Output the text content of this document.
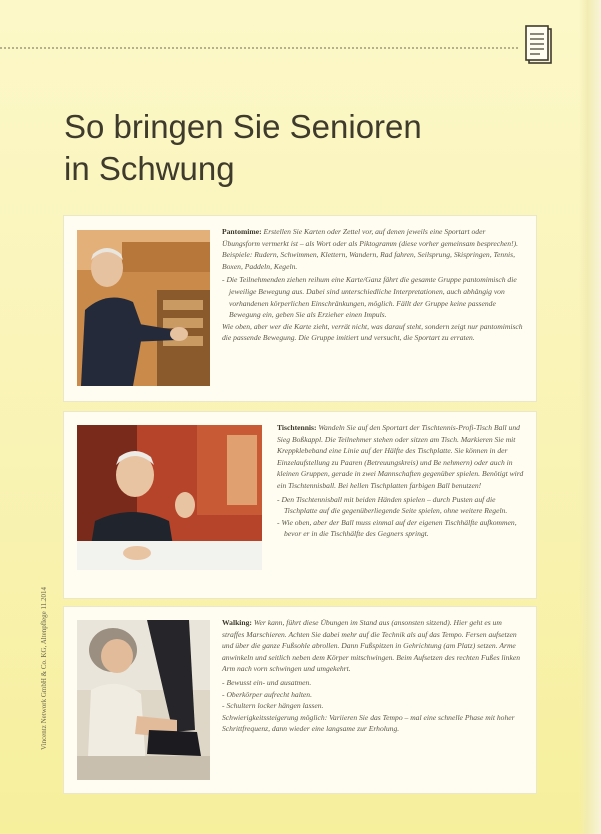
So bringen Sie Senioren
in Schwung

Pantomime: Erstellen Sie Karten oder Zettel vor, auf denen jeweils eine Sportart oder Übungsform vermerkt ist – als Wort oder als Piktogramm (diese vorher gemeinsam besprechen!). Beispiele: Rudern, Schwimmen, Klettern, Wandern, Rad fahren, Seilsprung, Skispringen, Tennis, Boxen, Paddeln, Kegeln.

- Die Teilnehmenden ziehen reihum eine Karte/Ganz fährt die gesamte Gruppe pantomimisch die jeweilige Bewegung aus. Dabei sind unterschiedliche Interpretationen, auch abhängig von vorhandenen körperlichen Einschränkungen, möglich. Fällt der Gruppe keine passende Bewegung ein, geben Sie als Erzieher einen Impuls.

Wie oben, aber wer die Karte zieht, verrät nicht, was darauf steht, sondern zeigt nur pantomimisch die passende Bewegung. Die Gruppe imitiert und versucht, die Sportart zu erraten.

Tischtennis: Wandeln Sie auf den Sportart der Tischtennis-Profi-Tisch Ball und Sieg Boßkappl. Die Teilnehmer stehen oder sitzen am Tisch. Markieren Sie mit Kreppklebeband eine Linie auf der Hälfte des Tischplatte. Sie können in der Einzelaufstellung zu Paaren (Betreuungskreis) und Be nehmern) oder auch in kleinen Gruppen, gerade in zwei Mannschaften gegenüber spielen. Benötigt wird ein Tischtennisball. Bei hellen Tischplatten farbigen Ball benutzen!

- Den Tischtennisball mit beiden Händen spielen – durch Pusten auf die Tischplatte auf die gegenüberliegende Seite spielen, ohne weitere Regeln.
- Wie oben, aber der Ball muss einmal auf der eigenen Tischhälfte aufkommen, bevor er in die Tischhälfte des Gegners springt.

Walking: Wer kann, führt diese Übungen im Stand aus (ansonsten sitzend). Hier geht es um straffes Marschieren. Achten Sie dabei mehr auf die Technik als auf das Tempo. Fersen aufsetzen und über die ganze Fußsohle abrollen. Dann Fußspitzen in Gehrichtung (am Platz) setzen. Arme anwinkeln und seitlich neben dem Körper mitschwingen. Beim Aufsetzen des rechten Fußes linken Arm nach vorn schwingen und umgekehrt.

- Bewusst ein- und ausatmen.
- Oberkörper aufrecht halten.
- Schultern locker hängen lassen.

Schwierigkeitssteigerung möglich: Variieren Sie das Tempo – mal eine schnelle Phase mit hoher Schrittfrequenz, dann wieder eine langsame zur Erholung.

Vincentz Network GmbH & Co. KG, Altenpflege 11.2014
